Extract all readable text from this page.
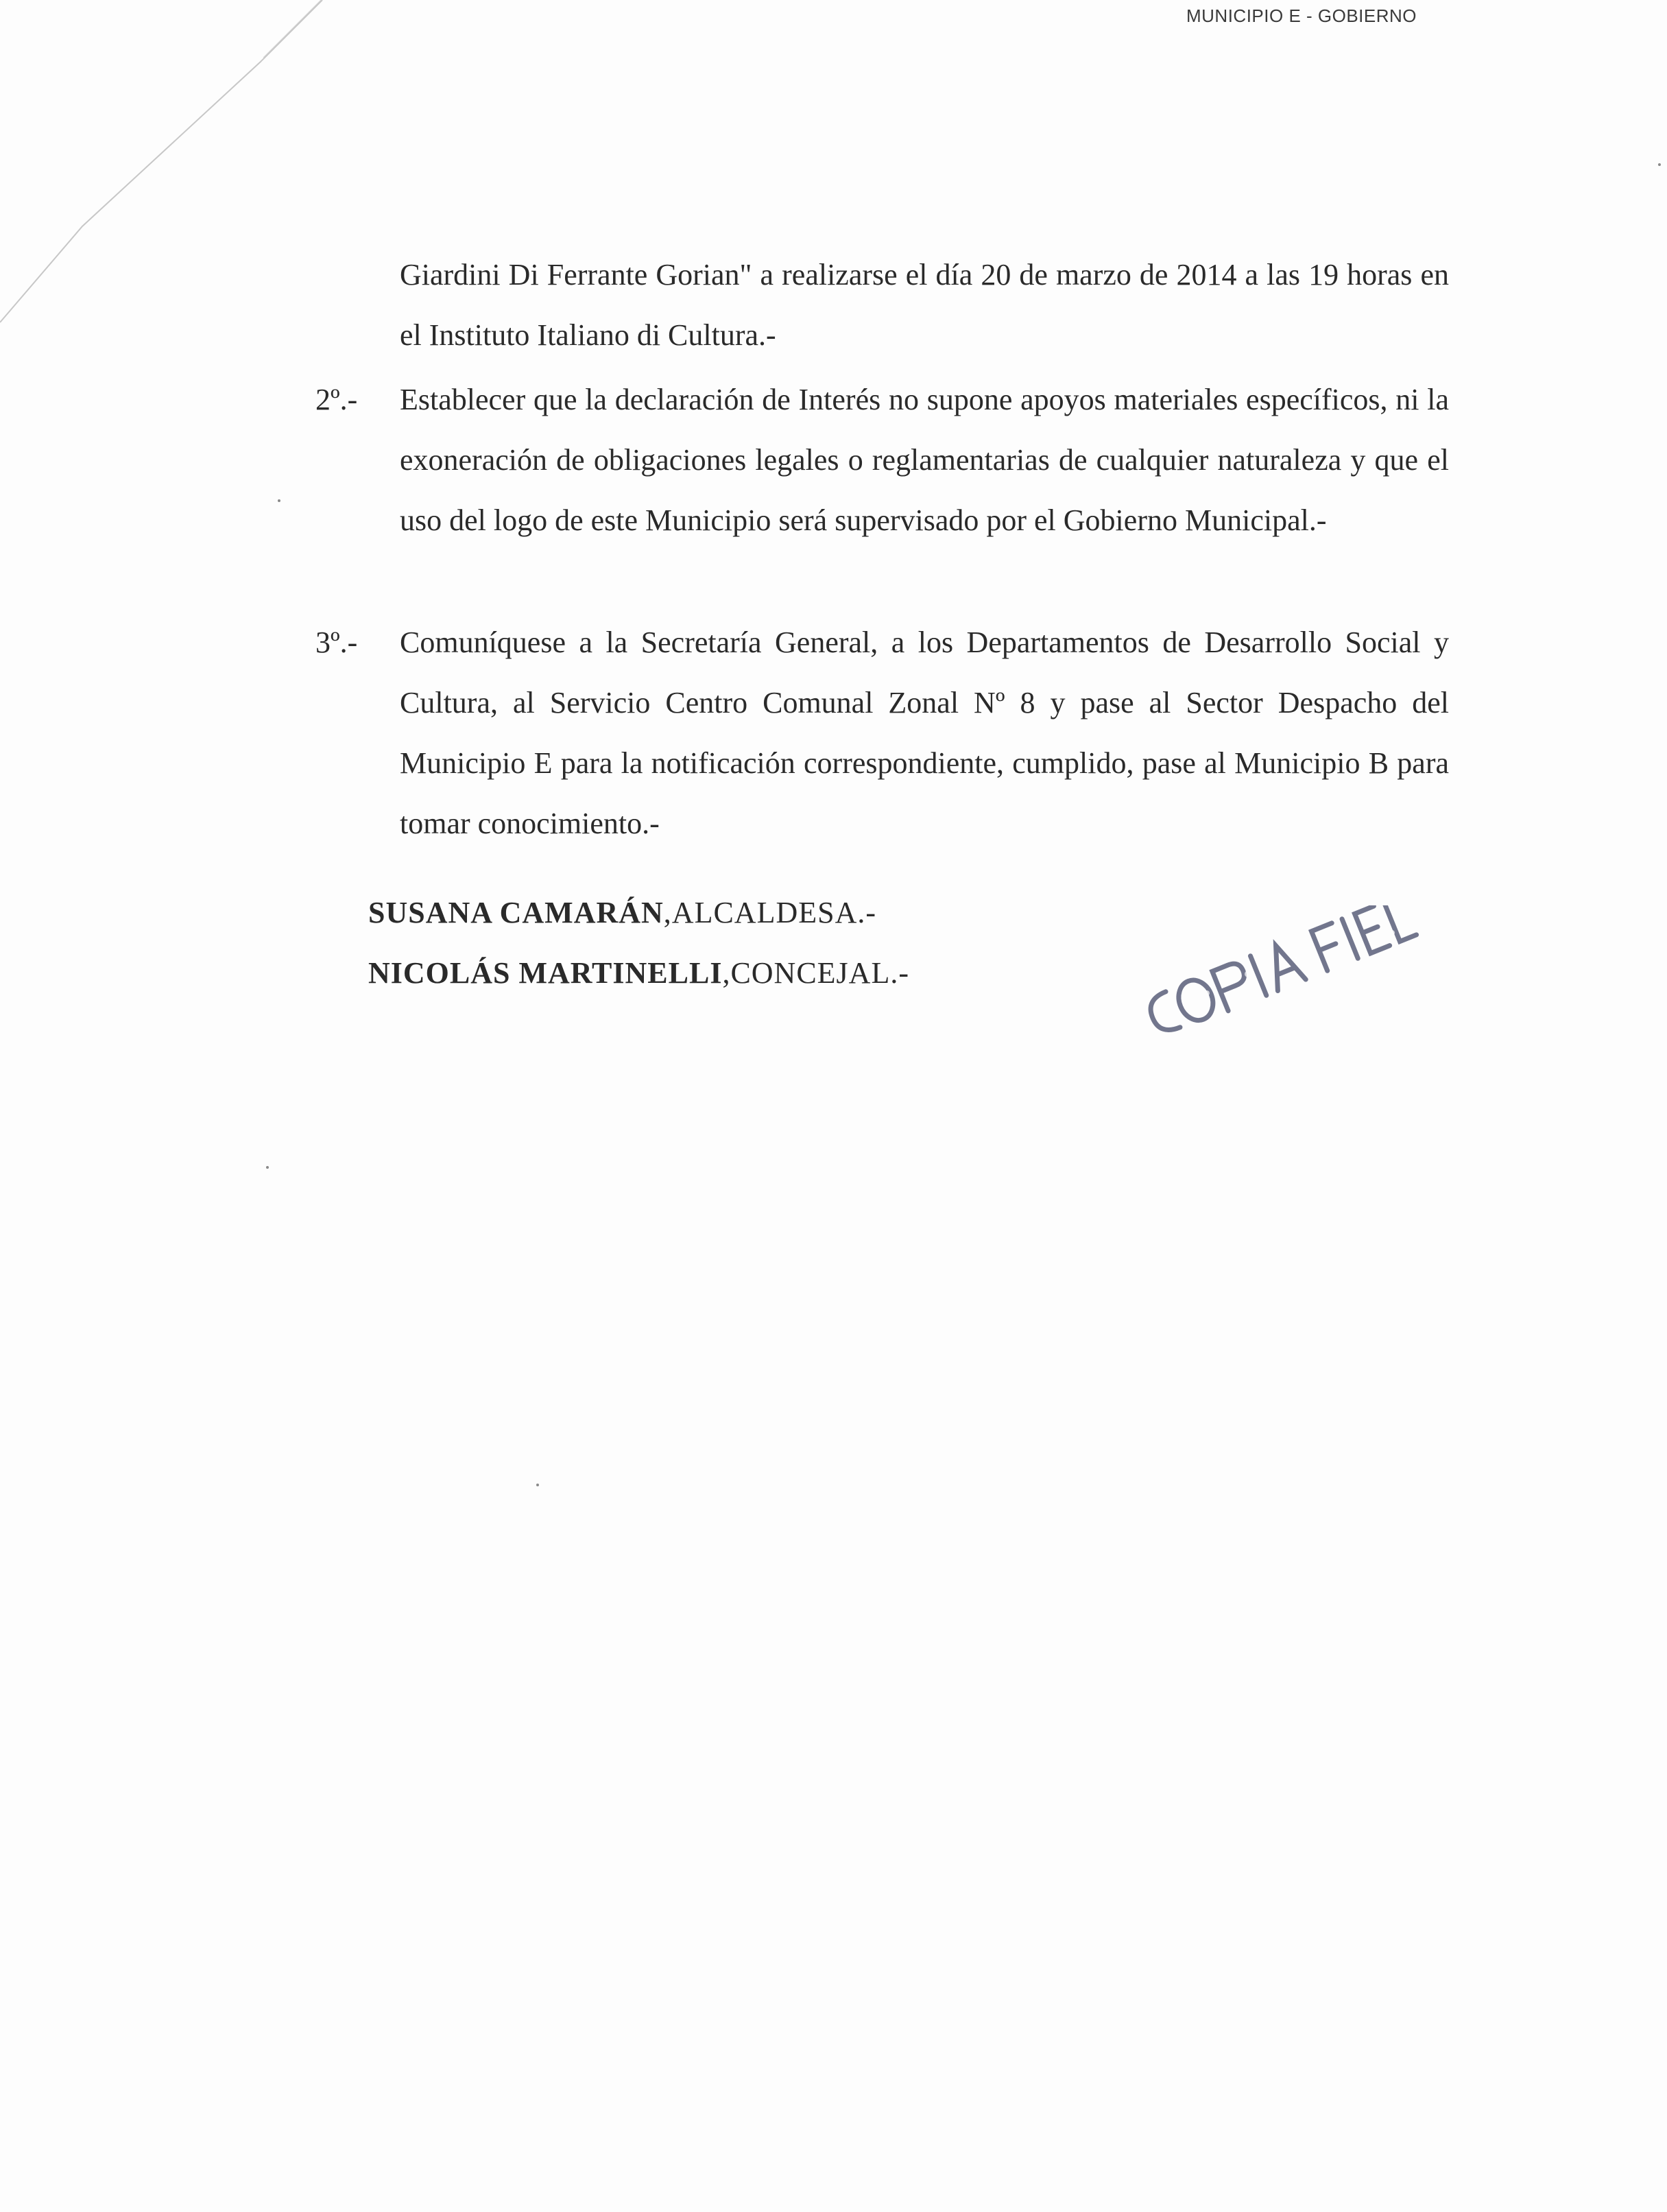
MUNICIPIO E - GOBIERNO

Giardini Di Ferrante Gorian" a realizarse el día 20 de marzo de 2014 a las 19 horas en el Instituto Italiano di Cultura.-
2º.-	Establecer que la declaración de Interés no supone apoyos materiales específicos, ni la exoneración de obligaciones legales o reglamentarias de cualquier naturaleza y que el uso del logo de este Municipio será supervisado por el Gobierno Municipal.-
3º.-	Comuníquese a la Secretaría General, a los Departamentos de Desarrollo Social y Cultura, al Servicio Centro Comunal Zonal Nº 8 y pase al Sector Despacho del Municipio E para la notificación correspondiente, cumplido, pase al Municipio B para tomar conocimiento.-
SUSANA CAMARÁN,ALCALDESA.-
NICOLÁS MARTINELLI,CONCEJAL.-
